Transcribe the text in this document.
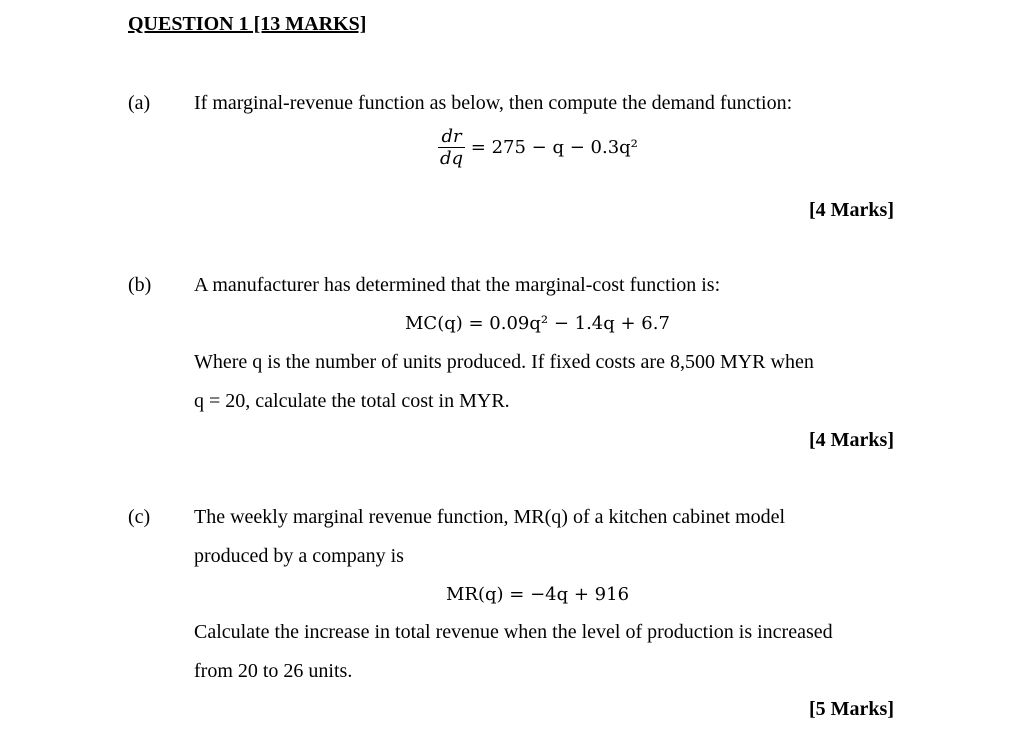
QUESTION 1 [13 MARKS]
(a) If marginal-revenue function as below, then compute the demand function:
$\frac{dr}{dq} = 275 - q - 0.3q^2$
[4 Marks]
(b) A manufacturer has determined that the marginal-cost function is:
MC(q) = 0.09q² − 1.4q + 6.7
Where q is the number of units produced. If fixed costs are 8,500 MYR when
q = 20, calculate the total cost in MYR.
[4 Marks]
(c) The weekly marginal revenue function, MR(q) of a kitchen cabinet model
produced by a company is
MR(q) = −4q + 916
Calculate the increase in total revenue when the level of production is increased
from 20 to 26 units.
[5 Marks]
